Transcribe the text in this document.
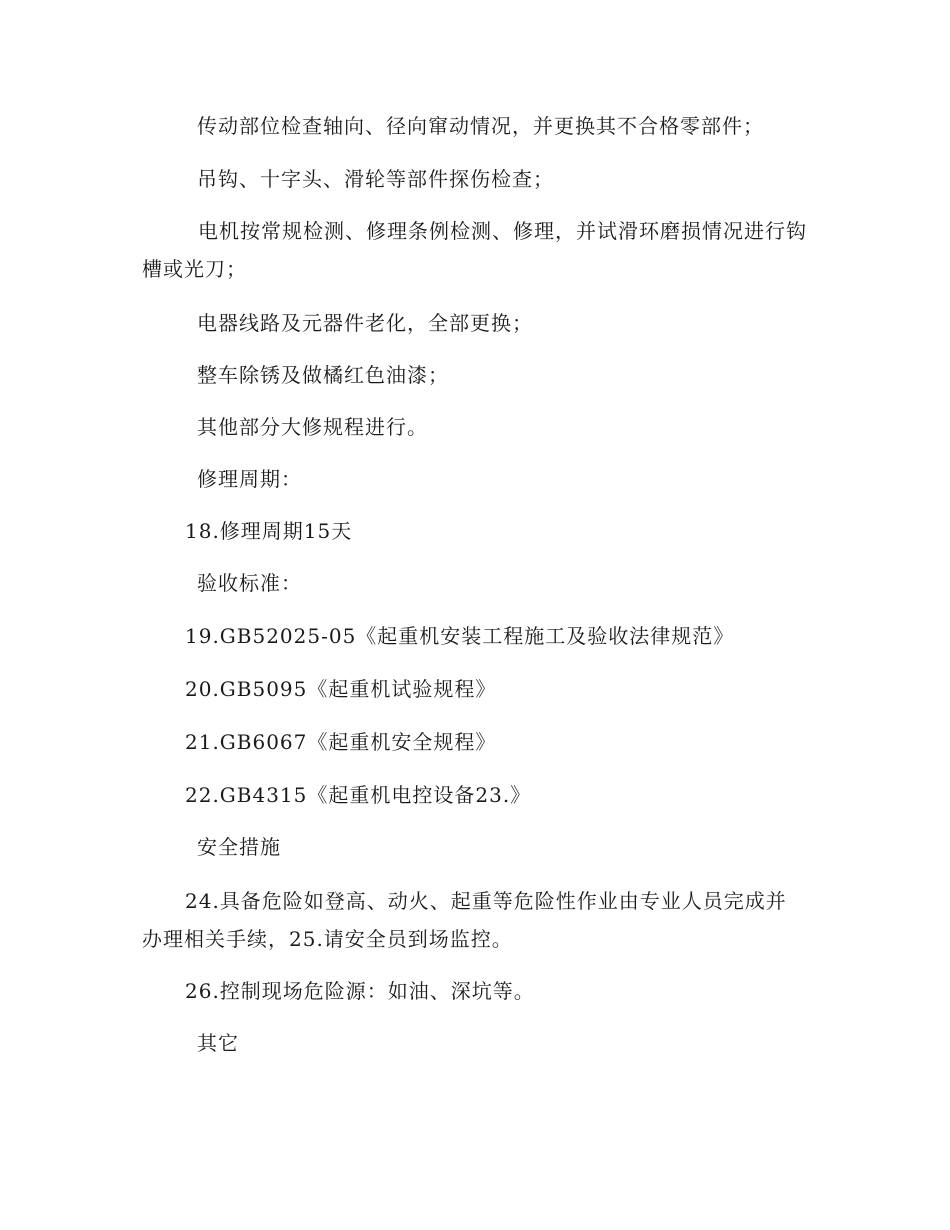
传动部位检查轴向、径向窜动情况，并更换其不合格零部件；
吊钩、十字头、滑轮等部件探伤检查；
电机按常规检测、修理条例检测、修理，并试滑环磨损情况进行钩槽或光刀；
电器线路及元器件老化，全部更换；
整车除锈及做橘红色油漆；
其他部分大修规程进行。
修理周期：
18.修理周期15天
验收标准：
19.GB52025-05《起重机安装工程施工及验收法律规范》
20.GB5095《起重机试验规程》
21.GB6067《起重机安全规程》
22.GB4315《起重机电控设备23.》
安全措施
24.具备危险如登高、动火、起重等危险性作业由专业人员完成并办理相关手续，25.请安全员到场监控。
26.控制现场危险源：如油、深坑等。
其它
